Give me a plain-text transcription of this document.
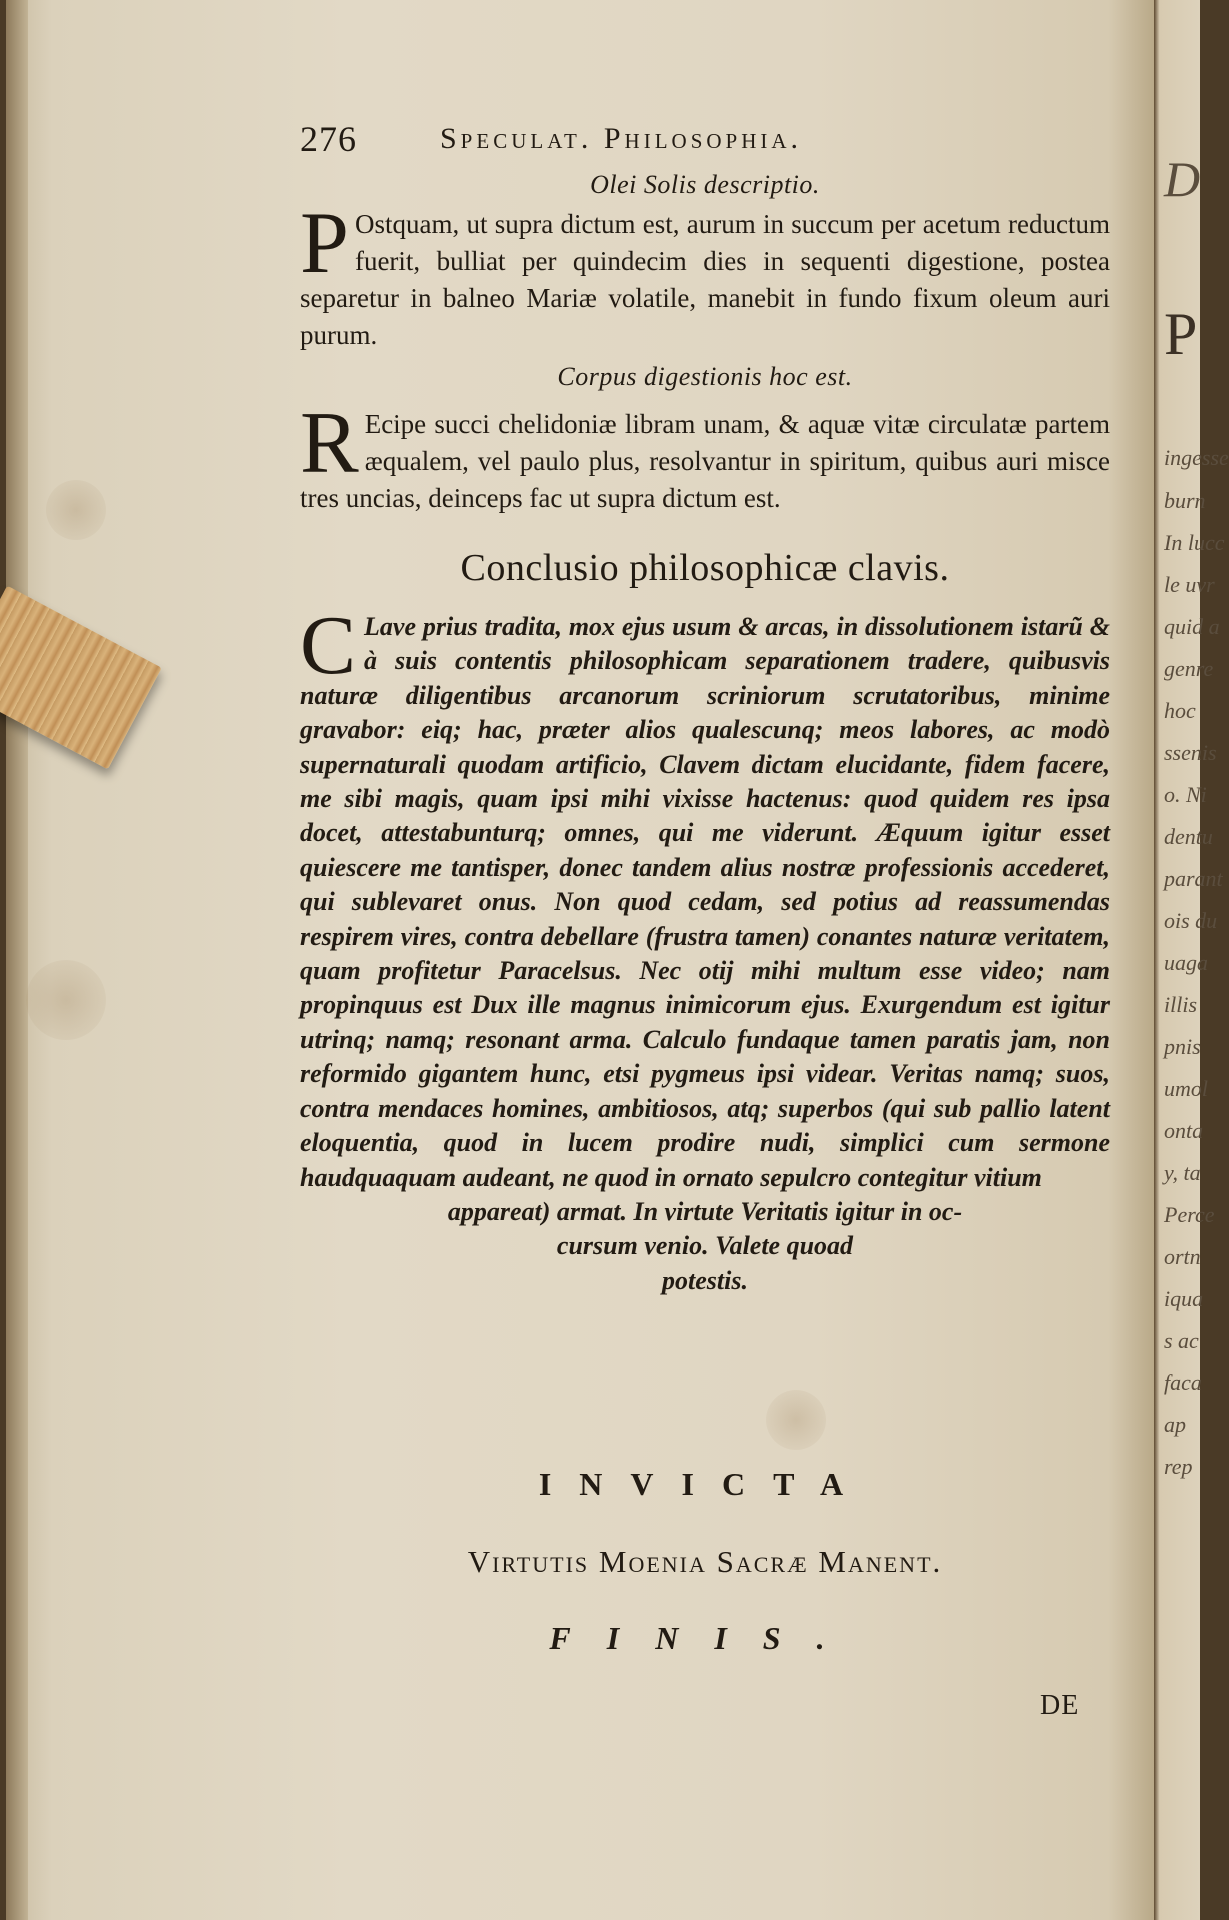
D
P
ingesse
burn
In lucc
le uvr
quid a
genre
hoc
ssenis
o. Ni
dentu
parant
ois du
uaga
illis
pnis
umol
onta
y, ta
Perce
ortn
iqua
s ac
faca
ap
rep
276	Speculat. Philosophia.
Olei Solis descriptio.

P Ostquam, ut supra dictum est, aurum in succum per acetum reductum fuerit, bulliat per quindecim dies in sequenti digestione, postea separetur in balneo Mariæ volatile, manebit in fundo fixum oleum auri purum.

Corpus digestionis hoc est.

R Ecipe succi chelidoniæ libram unam, & aquæ vitæ circulatæ partem æqualem, vel paulo plus, resolvantur in spiritum, quibus auri misce tres uncias, deinceps fac ut supra dictum est.

Conclusio philosophicæ clavis.

C Lave prius tradita, mox ejus usum & arcas, in dissolutionem istarũ & à suis contentis philosophicam separationem tradere, quibusvis naturæ diligentibus arcanorum scriniorum scrutatoribus, minime gravabor: eiq; hac, præter alios qualescunq; meos labores, ac modò supernaturali quodam artificio, Clavem dictam elucidante, fidem facere, me sibi magis, quam ipsi mihi vixisse hactenus: quod quidem res ipsa docet, attestabunturq; omnes, qui me viderunt. Æquum igitur esset quiescere me tantisper, donec tandem alius nostræ professionis accederet, qui sublevaret onus. Non quod cedam, sed potius ad reassumendas respirem vires, contra debellare (frustra tamen) conantes naturæ veritatem, quam profitetur Paracelsus. Nec otij mihi multum esse video; nam propinquus est Dux ille magnus inimicorum ejus. Exurgendum est igitur utrinq; namq; resonant arma. Calculo fundaque tamen paratis jam, non reformido gigantem hunc, etsi pygmeus ipsi videar. Veritas namq; suos, contra mendaces homines, ambitiosos, atq; superbos (qui sub pallio latent eloquentia, quod in lucem prodire nudi, simplici cum sermone haudquaquam audeant, ne quod in ornato sepulcro contegitur vitium

appareat) armat. In virtute Veritatis igitur in oc-
cursum venio. Valete quoad
potestis.
INVICTA
Virtutis Moenia Sacræ Manent.
FINIS.
DE
